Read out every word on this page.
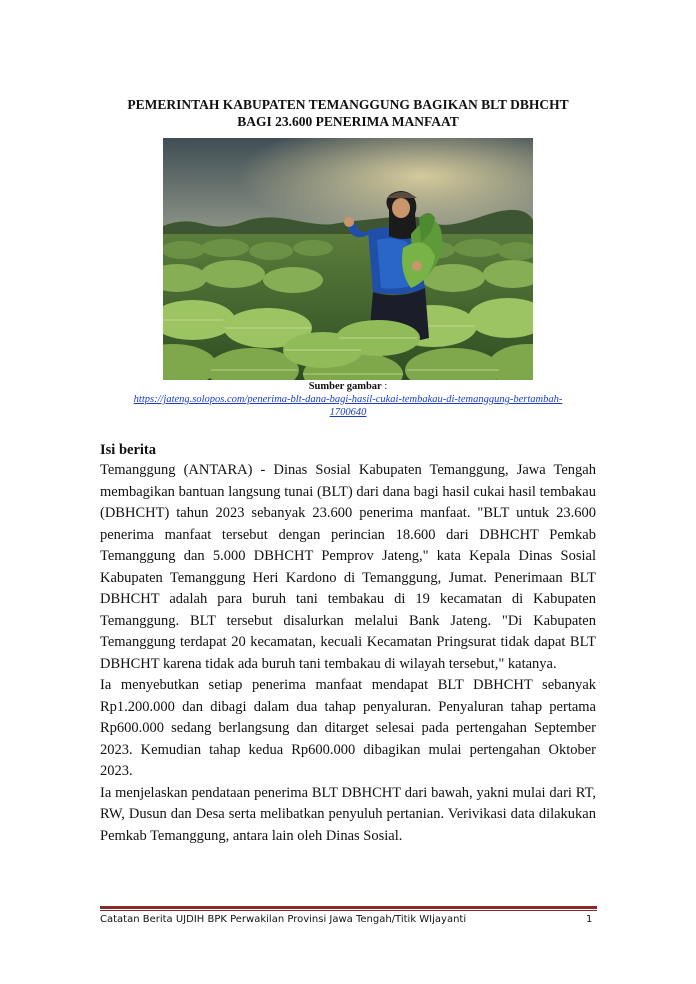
PEMERINTAH KABUPATEN TEMANGGUNG BAGIKAN BLT DBHCHT
BAGI 23.600 PENERIMA MANFAAT
Sumber gambar :
https://jateng.solopos.com/penerima-blt-dana-bagi-hasil-cukai-tembakau-di-temanggung-bertambah-
1700640
Isi berita

Temanggung (ANTARA) - Dinas Sosial Kabupaten Temanggung, Jawa Tengah membagikan bantuan langsung tunai (BLT) dari dana bagi hasil cukai hasil tembakau (DBHCHT) tahun 2023 sebanyak 23.600 penerima manfaat. "BLT untuk 23.600 penerima manfaat tersebut dengan perincian 18.600 dari DBHCHT Pemkab Temanggung dan 5.000 DBHCHT Pemprov Jateng," kata Kepala Dinas Sosial Kabupaten Temanggung Heri Kardono di Temanggung, Jumat. Penerimaan BLT DBHCHT adalah para buruh tani tembakau di 19 kecamatan di Kabupaten Temanggung. BLT tersebut disalurkan melalui Bank Jateng. "Di Kabupaten Temanggung terdapat 20 kecamatan, kecuali Kecamatan Pringsurat tidak dapat BLT DBHCHT karena tidak ada buruh tani tembakau di wilayah tersebut," katanya.

Ia menyebutkan setiap penerima manfaat mendapat BLT DBHCHT sebanyak Rp1.200.000 dan dibagi dalam dua tahap penyaluran. Penyaluran tahap pertama Rp600.000 sedang berlangsung dan ditarget selesai pada pertengahan September 2023. Kemudian tahap kedua Rp600.000 dibagikan mulai pertengahan Oktober 2023.

Ia menjelaskan pendataan penerima BLT DBHCHT dari bawah, yakni mulai dari RT, RW, Dusun dan Desa serta melibatkan penyuluh pertanian. Verivikasi data dilakukan Pemkab Temanggung, antara lain oleh Dinas Sosial.

Catatan Berita UJDIH BPK Perwakilan Provinsi Jawa Tengah/Titik WIjayanti	1
